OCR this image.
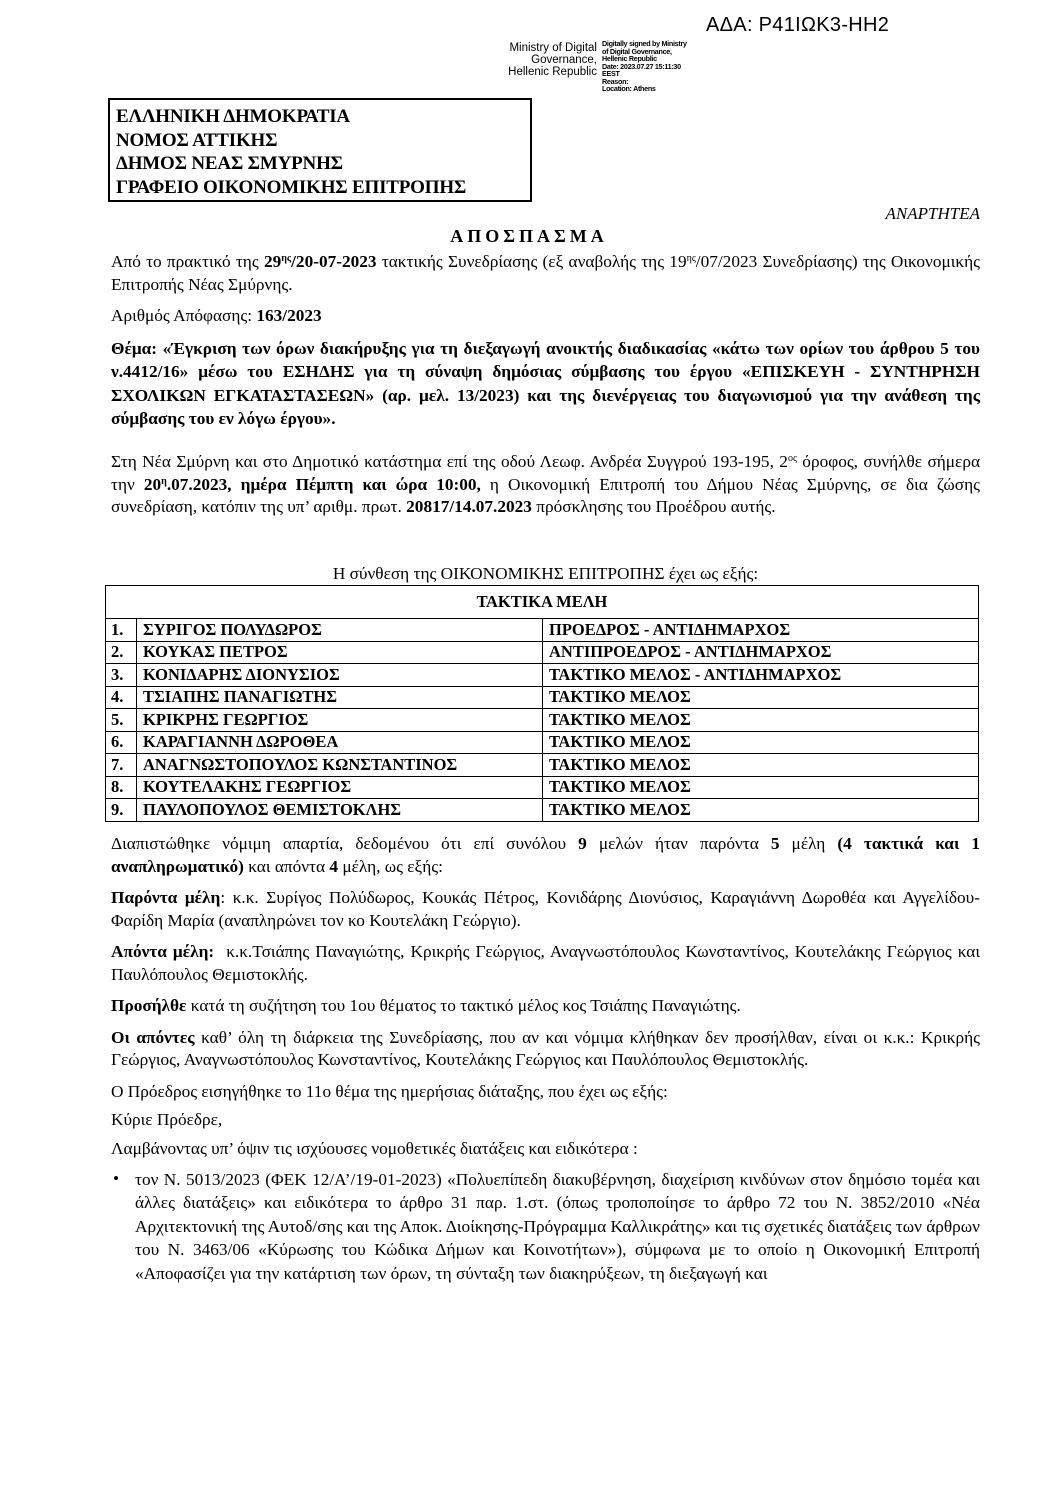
ΑΔΑ: Ρ41ΙΩΚ3-ΗΗ2
Ministry of Digital
Governance,
Hellenic Republic
Digitally signed by Ministry
of Digital Governance,
Hellenic Republic
Date: 2023.07.27 15:11:30
EEST
Reason:
Location: Athens
ΕΛΛΗΝΙΚΗ ΔΗΜΟΚΡΑΤΙΑ
ΝΟΜΟΣ ΑΤΤΙΚΗΣ
ΔΗΜΟΣ ΝΕΑΣ ΣΜΥΡΝΗΣ
ΓΡΑΦΕΙΟ ΟΙΚΟΝΟΜΙΚΗΣ ΕΠΙΤΡΟΠΗΣ
ΑΝΑΡΤΗΤΕΑ
ΑΠΟΣΠΑΣΜΑ

Από το πρακτικό της $29^{\eta\varsigma}/20-07-2023$ τακτικής Συνεδρίασης (εξ αναβολής της $19^{\eta\varsigma}/07/2023$ Συνεδρίασης) της Οικονομικής Επιτροπής Νέας Σμύρνης.

Αριθμός Απόφασης: 163/2023

Θέμα: «Έγκριση των όρων διακήρυξης για τη διεξαγωγή ανοικτής διαδικασίας «κάτω των ορίων του άρθρου 5 του ν.4412/16» μέσω του ΕΣΗΔΗΣ για τη σύναψη δημόσιας σύμβασης του έργου «ΕΠΙΣΚΕΥΗ - ΣΥΝΤΗΡΗΣΗ ΣΧΟΛΙΚΩΝ ΕΓΚΑΤΑΣΤΑΣΕΩΝ» (αρ. μελ. 13/2023) και της διενέργειας του διαγωνισμού για την ανάθεση της σύμβασης του εν λόγω έργου».

Στη Νέα Σμύρνη και στο Δημοτικό κατάστημα επί της οδού Λεωφ. Ανδρέα Συγγρού 193-195, $2^{o\varsigma}$ όροφος, συνήλθε σήμερα την $20^\eta.07.2023$, ημέρα Πέμπτη και ώρα 10:00, η Οικονομική Επιτροπή του Δήμου Νέας Σμύρνης, σε δια ζώσης συνεδρίαση, κατόπιν της υπ’ αριθμ. πρωτ. 20817/14.07.2023 πρόσκλησης του Προέδρου αυτής.

Η σύνθεση της ΟΙΚΟΝΟΜΙΚΗΣ ΕΠΙΤΡΟΠΗΣ έχει ως εξής:
ΤΑΚΤΙΚΑ ΜΕΛΗ		
1.	ΣΥΡΙΓΟΣ ΠΟΛΥΔΩΡΟΣ	ΠΡΟΕΔΡΟΣ - ΑΝΤΙΔΗΜΑΡΧΟΣ
2.	ΚΟΥΚΑΣ ΠΕΤΡΟΣ	ΑΝΤΙΠΡΟΕΔΡΟΣ - ΑΝΤΙΔΗΜΑΡΧΟΣ
3.	ΚΟΝΙΔΑΡΗΣ ΔΙΟΝΥΣΙΟΣ	ΤΑΚΤΙΚΟ ΜΕΛΟΣ - ΑΝΤΙΔΗΜΑΡΧΟΣ
4.	ΤΣΙΑΠΗΣ ΠΑΝΑΓΙΩΤΗΣ	ΤΑΚΤΙΚΟ ΜΕΛΟΣ
5.	ΚΡΙΚΡΗΣ ΓΕΩΡΓΙΟΣ	ΤΑΚΤΙΚΟ ΜΕΛΟΣ
6.	ΚΑΡΑΓΙΑΝΝΗ ΔΩΡΟΘΕΑ	ΤΑΚΤΙΚΟ ΜΕΛΟΣ
7.	ΑΝΑΓΝΩΣΤΟΠΟΥΛΟΣ ΚΩΝΣΤΑΝΤΙΝΟΣ	ΤΑΚΤΙΚΟ ΜΕΛΟΣ
8.	ΚΟΥΤΕΛΑΚΗΣ ΓΕΩΡΓΙΟΣ	ΤΑΚΤΙΚΟ ΜΕΛΟΣ
9.	ΠΑΥΛΟΠΟΥΛΟΣ ΘΕΜΙΣΤΟΚΛΗΣ	ΤΑΚΤΙΚΟ ΜΕΛΟΣ

Διαπιστώθηκε νόμιμη απαρτία, δεδομένου ότι επί συνόλου 9 μελών ήταν παρόντα 5 μέλη (4 τακτικά και 1 αναπληρωματικό) και απόντα 4 μέλη, ως εξής:

Παρόντα μέλη: κ.κ. Συρίγος Πολύδωρος, Κουκάς Πέτρος, Κονιδάρης Διονύσιος, Καραγιάννη Δωροθέα και Αγγελίδου-Φαρίδη Μαρία (αναπληρώνει τον κο Κουτελάκη Γεώργιο).

Απόντα μέλη:  κ.κ.Τσιάπης Παναγιώτης, Κρικρής Γεώργιος, Αναγνωστόπουλος Κωνσταντίνος, Κουτελάκης Γεώργιος και Παυλόπουλος Θεμιστοκλής.

Προσήλθε κατά τη συζήτηση του 1ου θέματος το τακτικό μέλος κος Τσιάπης Παναγιώτης.

Οι απόντες καθ’ όλη τη διάρκεια της Συνεδρίασης, που αν και νόμιμα κλήθηκαν δεν προσήλθαν, είναι οι κ.κ.: Κρικρής Γεώργιος, Αναγνωστόπουλος Κωνσταντίνος, Κουτελάκης Γεώργιος και Παυλόπουλος Θεμιστοκλής.

Ο Πρόεδρος εισηγήθηκε το 11ο θέμα της ημερήσιας διάταξης, που έχει ως εξής:

Κύριε Πρόεδρε,

Λαμβάνοντας υπ’ όψιν τις ισχύουσες νομοθετικές διατάξεις και ειδικότερα :

• τον Ν. 5013/2023 (ΦΕΚ 12/Α’/19-01-2023) «Πολυεπίπεδη διακυβέρνηση, διαχείριση κινδύνων στον δημόσιο τομέα και άλλες διατάξεις» και ειδικότερα το άρθρο 31 παρ. 1.στ. (όπως τροποποίησε το άρθρο 72 του Ν. 3852/2010 «Νέα Αρχιτεκτονική της Αυτοδ/σης και της Αποκ. Διοίκησης-Πρόγραμμα Καλλικράτης» και τις σχετικές διατάξεις των άρθρων του Ν. 3463/06 «Κύρωσης του Κώδικα Δήμων και Κοινοτήτων»), σύμφωνα με το οποίο η Οικονομική Επιτροπή «Αποφασίζει για την κατάρτιση των όρων, τη σύνταξη των διακηρύξεων, τη διεξαγωγή και
